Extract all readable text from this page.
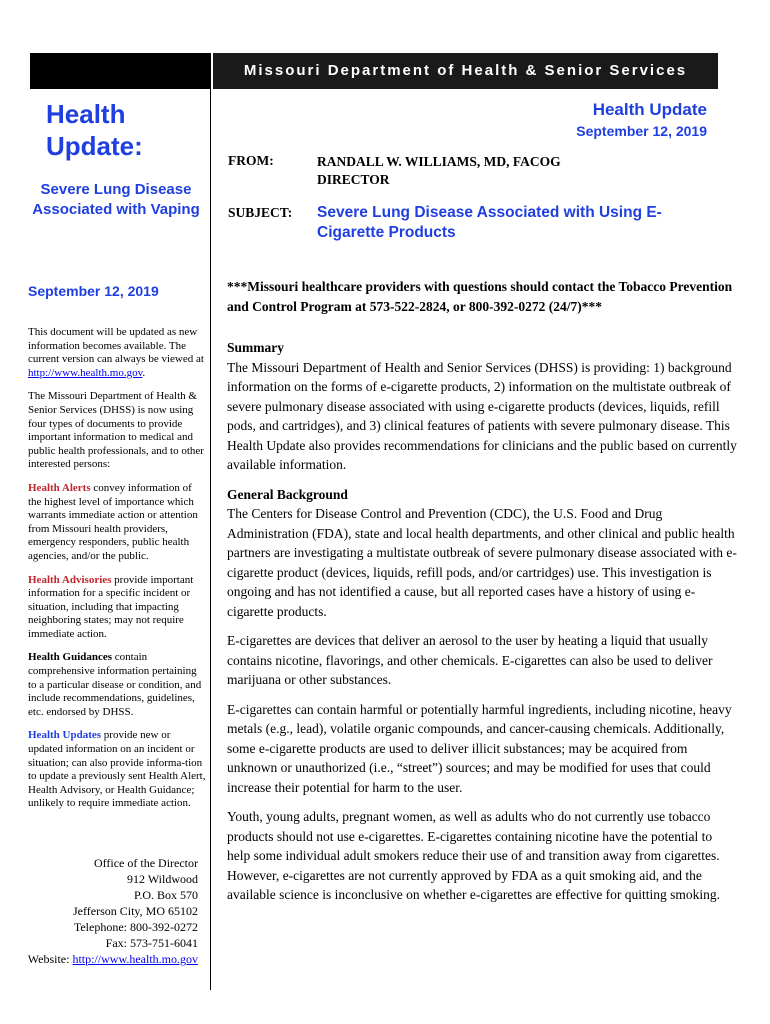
Missouri Department of Health & Senior Services
Health
Update:
Severe Lung Disease Associated with Vaping
September 12, 2019

This document will be updated as new information becomes available. The current version can always be viewed at http://www.health.mo.gov.

The Missouri Department of Health & Senior Services (DHSS) is now using four types of documents to provide important information to medical and public health professionals, and to other interested persons:

Health Alerts convey information of the highest level of importance which warrants immediate action or attention from Missouri health providers, emergency responders, public health agencies, and/or the public.

Health Advisories provide important information for a specific incident or situation, including that impacting neighboring states; may not require immediate action.

Health Guidances contain comprehensive information pertaining to a particular disease or condition, and include recommendations, guidelines, etc. endorsed by DHSS.

Health Updates provide new or updated information on an incident or situation; can also provide informa-tion to update a previously sent Health Alert, Health Advisory, or Health Guidance; unlikely to require immediate action.

Office of the Director
912 Wildwood
P.O. Box 570
Jefferson City, MO 65102
Telephone: 800-392-0272
Fax: 573-751-6041
Website: http://www.health.mo.gov
Health Update
September 12, 2019
FROM:	RANDALL W. WILLIAMS, MD, FACOG
DIRECTOR
SUBJECT: Severe Lung Disease Associated with Using E-Cigarette Products

***Missouri healthcare providers with questions should contact the Tobacco Prevention and Control Program at 573-522-2824, or 800-392-0272 (24/7)***

Summary

The Missouri Department of Health and Senior Services (DHSS) is providing: 1) background information on the forms of e-cigarette products, 2) information on the multistate outbreak of severe pulmonary disease associated with using e-cigarette products (devices, liquids, refill pods, and cartridges), and 3) clinical features of patients with severe pulmonary disease. This Health Update also provides recommendations for clinicians and the public based on currently available information.

General Background

The Centers for Disease Control and Prevention (CDC), the U.S. Food and Drug Administration (FDA), state and local health departments, and other clinical and public health partners are investigating a multistate outbreak of severe pulmonary disease associated with e-cigarette product (devices, liquids, refill pods, and/or cartridges) use. This investigation is ongoing and has not identified a cause, but all reported cases have a history of using e-cigarette products.

E-cigarettes are devices that deliver an aerosol to the user by heating a liquid that usually contains nicotine, flavorings, and other chemicals. E-cigarettes can also be used to deliver marijuana or other substances.

E-cigarettes can contain harmful or potentially harmful ingredients, including nicotine, heavy metals (e.g., lead), volatile organic compounds, and cancer-causing chemicals. Additionally, some e-cigarette products are used to deliver illicit substances; may be acquired from unknown or unauthorized (i.e., “street”) sources; and may be modified for uses that could increase their potential for harm to the user.

Youth, young adults, pregnant women, as well as adults who do not currently use tobacco products should not use e-cigarettes. E-cigarettes containing nicotine have the potential to help some individual adult smokers reduce their use of and transition away from cigarettes. However, e-cigarettes are not currently approved by FDA as a quit smoking aid, and the available science is inconclusive on whether e-cigarettes are effective for quitting smoking.
